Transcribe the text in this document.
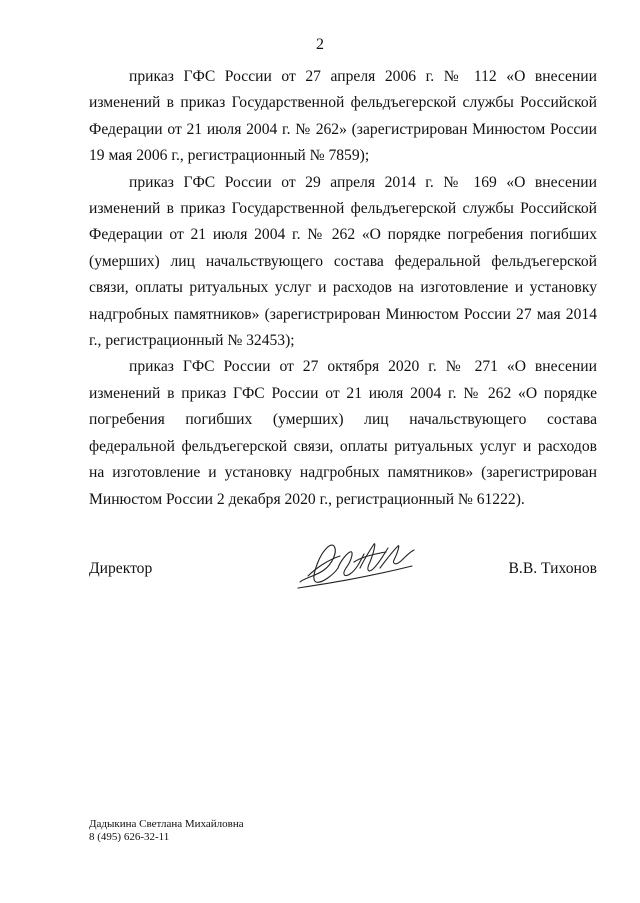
2

приказ ГФС России от 27 апреля 2006 г. № 112 «О внесении изменений в приказ Государственной фельдъегерской службы Российской Федерации от 21 июля 2004 г. № 262» (зарегистрирован Минюстом России 19 мая 2006 г., регистрационный № 7859);

приказ ГФС России от 29 апреля 2014 г. № 169 «О внесении изменений в приказ Государственной фельдъегерской службы Российской Федерации от 21 июля 2004 г. № 262 «О порядке погребения погибших (умерших) лиц начальствующего состава федеральной фельдъегерской связи, оплаты ритуальных услуг и расходов на изготовление и установку надгробных памятников» (зарегистрирован Минюстом России 27 мая 2014 г., регистрационный № 32453);

приказ ГФС России от 27 октября 2020 г. № 271 «О внесении изменений в приказ ГФС России от 21 июля 2004 г. № 262 «О порядке погребения погибших (умерших) лиц начальствующего состава федеральной фельдъегерской связи, оплаты ритуальных услуг и расходов на изготовление и установку надгробных памятников» (зарегистрирован Минюстом России 2 декабря 2020 г., регистрационный № 61222).

Директор	В.В. Тихонов
Дадыкина Светлана Михайловна
8 (495) 626-32-11
